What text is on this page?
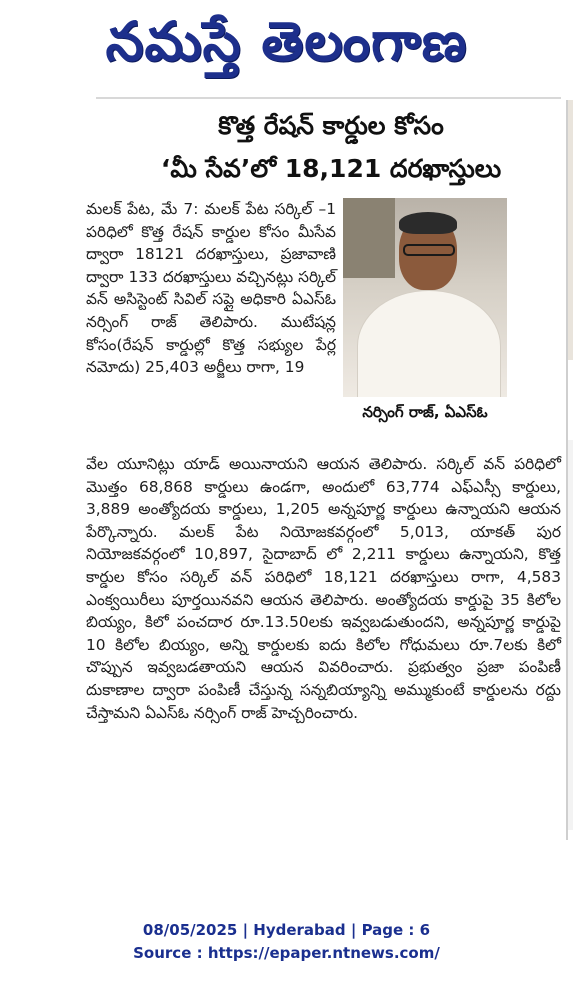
నమస్తే తెలంగాణ
కొత్త రేషన్ కార్డుల కోసం
‘మీ సేవ’లో 18,121 దరఖాస్తులు
మలక్ పేట, మే 7: మలక్ పేట సర్కిల్ –1 పరిధిలో కొత్త రేషన్ కార్డుల కోసం మీసేవ ద్వారా 18121 దరఖాస్తులు, ప్రజావాణి ద్వారా 133 దరఖాస్తులు వచ్చినట్లు సర్కిల్ వన్ అసిస్టెంట్ సివిల్ సప్లై అధికారి ఏఎస్ఓ నర్సింగ్ రాజ్ తెలిపారు. ముటేషన్ల కోసం(రేషన్ కార్డుల్లో కొత్త సభ్యుల పేర్ల నమోదు) 25,403 అర్జీలు రాగా, 19
నర్సింగ్ రాజ్, ఏఎస్ఓ
వేల యూనిట్లు యాడ్ అయినాయని ఆయన తెలిపారు. సర్కిల్ వన్ పరిధిలో మొత్తం 68,868 కార్డులు ఉండగా, అందులో 63,774 ఎఫ్ఎస్సీ కార్డులు, 3,889 అంత్యోదయ కార్డులు, 1,205 అన్నపూర్ణ కార్డులు ఉన్నాయని ఆయన పేర్కొన్నారు. మలక్ పేట నియోజకవర్గంలో 5,013, యాకత్ పుర నియోజకవర్గంలో 10,897, సైదాబాద్ లో 2,211 కార్డులు ఉన్నాయని, కొత్త కార్డుల కోసం సర్కిల్ వన్ పరిధిలో 18,121 దరఖాస్తులు రాగా, 4,583 ఎంక్వయిరీలు పూర్తయినవని ఆయన తెలిపారు. అంత్యోదయ కార్డుపై 35 కిలోల బియ్యం, కిలో పంచదార రూ.13.50లకు ఇవ్వబడుతుందని, అన్నపూర్ణ కార్డుపై 10 కిలోల బియ్యం, అన్ని కార్డులకు ఐదు కిలోల గోధుమలు రూ.7లకు కిలో చొప్పున ఇవ్వబడతాయని ఆయన వివరించారు. ప్రభుత్వం ప్రజా పంపిణీ దుకాణాల ద్వారా పంపిణీ చేస్తున్న సన్నబియ్యాన్ని అమ్ముకుంటే కార్డులను రద్దు చేస్తామని ఏఎస్ఓ నర్సింగ్ రాజ్ హెచ్చరించారు.
08/05/2025 | Hyderabad | Page : 6
Source : https://epaper.ntnews.com/
